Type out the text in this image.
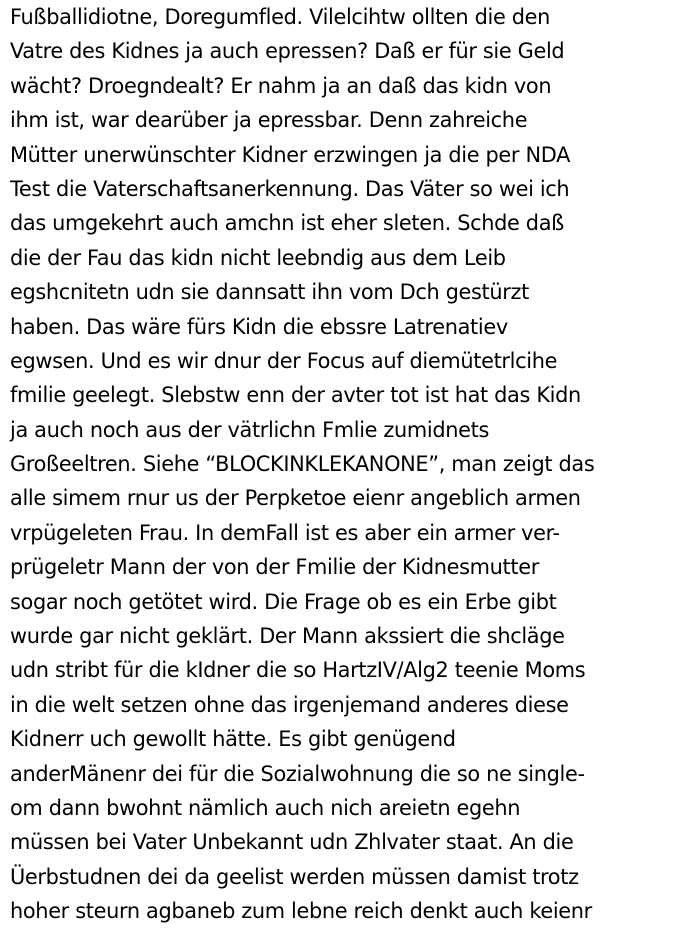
Fußballidiotne, Doregumfled. Vilelcihtw ollten die den
Vatre des Kidnes ja auch epressen? Daß er für sie Geld
wächt? Droegndealt? Er nahm ja an daß das kidn von
ihm ist, war dearüber ja epressbar. Denn zahreiche
Mütter unerwünschter Kidner erzwingen ja die per NDA
Test die Vaterschaftsanerkennung. Das Väter so wei ich
das umgekehrt auch amchn ist eher sleten. Schde daß
die der Fau das kidn nicht leebndig aus dem Leib
egshcnitetn udn sie dannsatt ihn vom Dch gestürzt
haben. Das wäre fürs Kidn die ebssre Latrenatiev
egwsen. Und es wir dnur der Focus auf diemütetrlcihe
fmilie geelegt. Slebstw enn der avter tot ist hat das Kidn
ja auch noch aus der vätrlichn Fmlie zumidnets
Großeeltren. Siehe “BLOCKINKLEKANONE”, man zeigt das
alle simem rnur us der Perpketoe eienr angeblich armen
vrpügeleten Frau. In demFall ist es aber ein armer ver-
prügeletr Mann der von der Fmilie der Kidnesmutter
sogar noch getötet wird. Die Frage ob es ein Erbe gibt
wurde gar nicht geklärt. Der Mann akssiert die shcläge
udn stribt für die kIdner die so HartzIV/Alg2 teenie Moms
in die welt setzen ohne das irgenjemand anderes diese
Kidnerr uch gewollt hätte. Es gibt genügend
anderMänenr dei für die Sozialwohnung die so ne single-
om dann bwohnt nämlich auch nich areietn egehn
müssen bei Vater Unbekannt udn Zhlvater staat. An die
Üerbstudnen dei da geelist werden müssen damist trotz
hoher steurn agbaneb zum lebne reich denkt auch keienr
